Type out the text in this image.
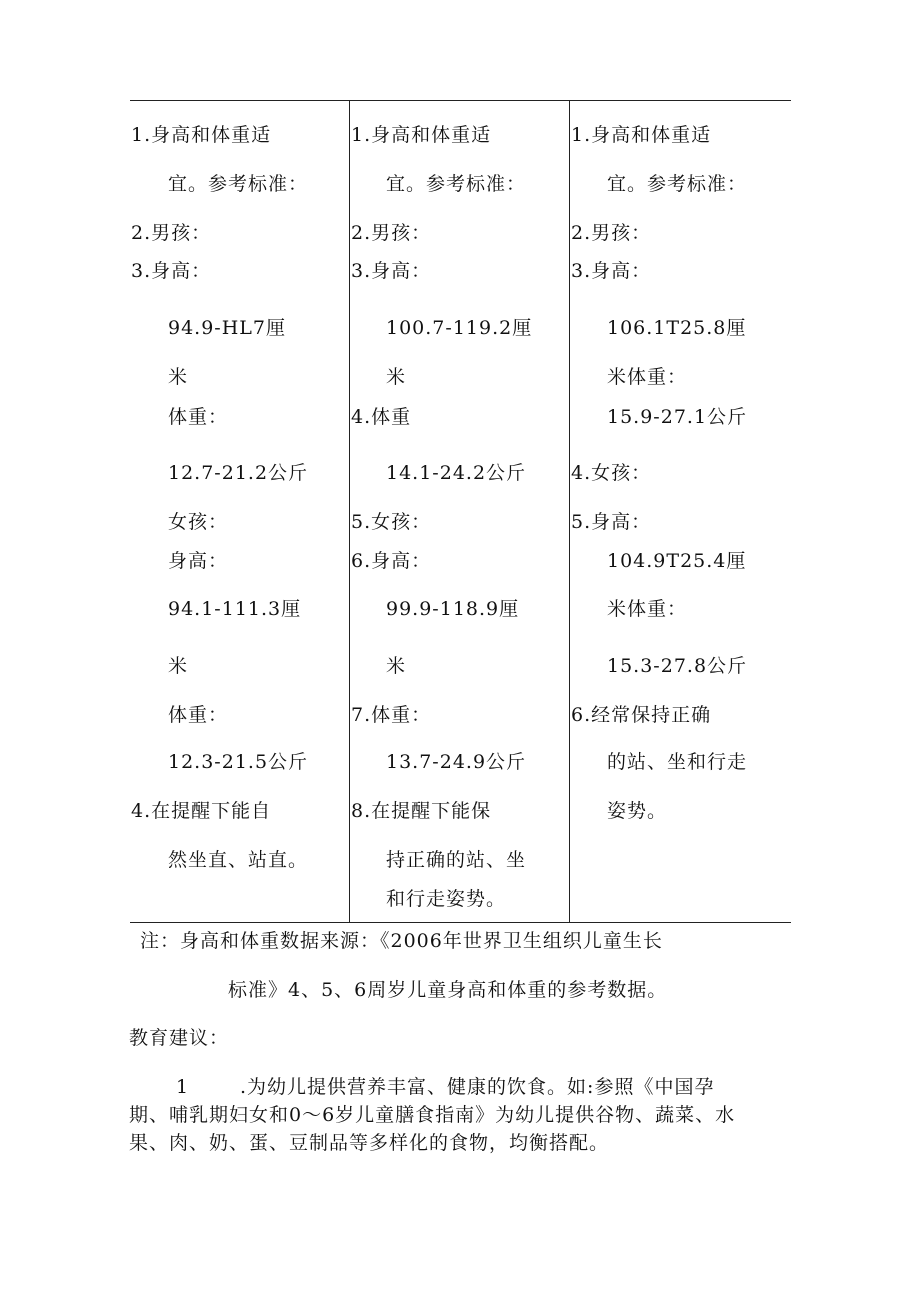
1.身高和体重适
宜。参考标准：
2.男孩：
3.身高：
94.9-HL7厘
米
体重：
12.7-21.2公斤
女孩：
身高：
94.1-111.3厘
米
体重：
12.3-21.5公斤
4.在提醒下能自
然坐直、站直。
1.身高和体重适
宜。参考标准：
2.男孩：
3.身高：
100.7-119.2厘
米
4.体重
14.1-24.2公斤
5.女孩：
6.身高：
99.9-118.9厘
米
7.体重：
13.7-24.9公斤
8.在提醒下能保
持正确的站、坐
和行走姿势。
1.身高和体重适
宜。参考标准：
2.男孩：
3.身高：
106.1T25.8厘
米体重：
15.9-27.1公斤
4.女孩：
5.身高：
104.9T25.4厘
米体重：
15.3-27.8公斤
6.经常保持正确
的站、坐和行走
姿势。
注：身高和体重数据来源：《2006年世界卫生组织儿童生长
标准》4、5、6周岁儿童身高和体重的参考数据。
教育建议：
1	.为幼儿提供营养丰富、健康的饮食。如:参照《中国孕
期、哺乳期妇女和0～6岁儿童膳食指南》为幼儿提供谷物、蔬菜、水
果、肉、奶、蛋、豆制品等多样化的食物，均衡搭配。
